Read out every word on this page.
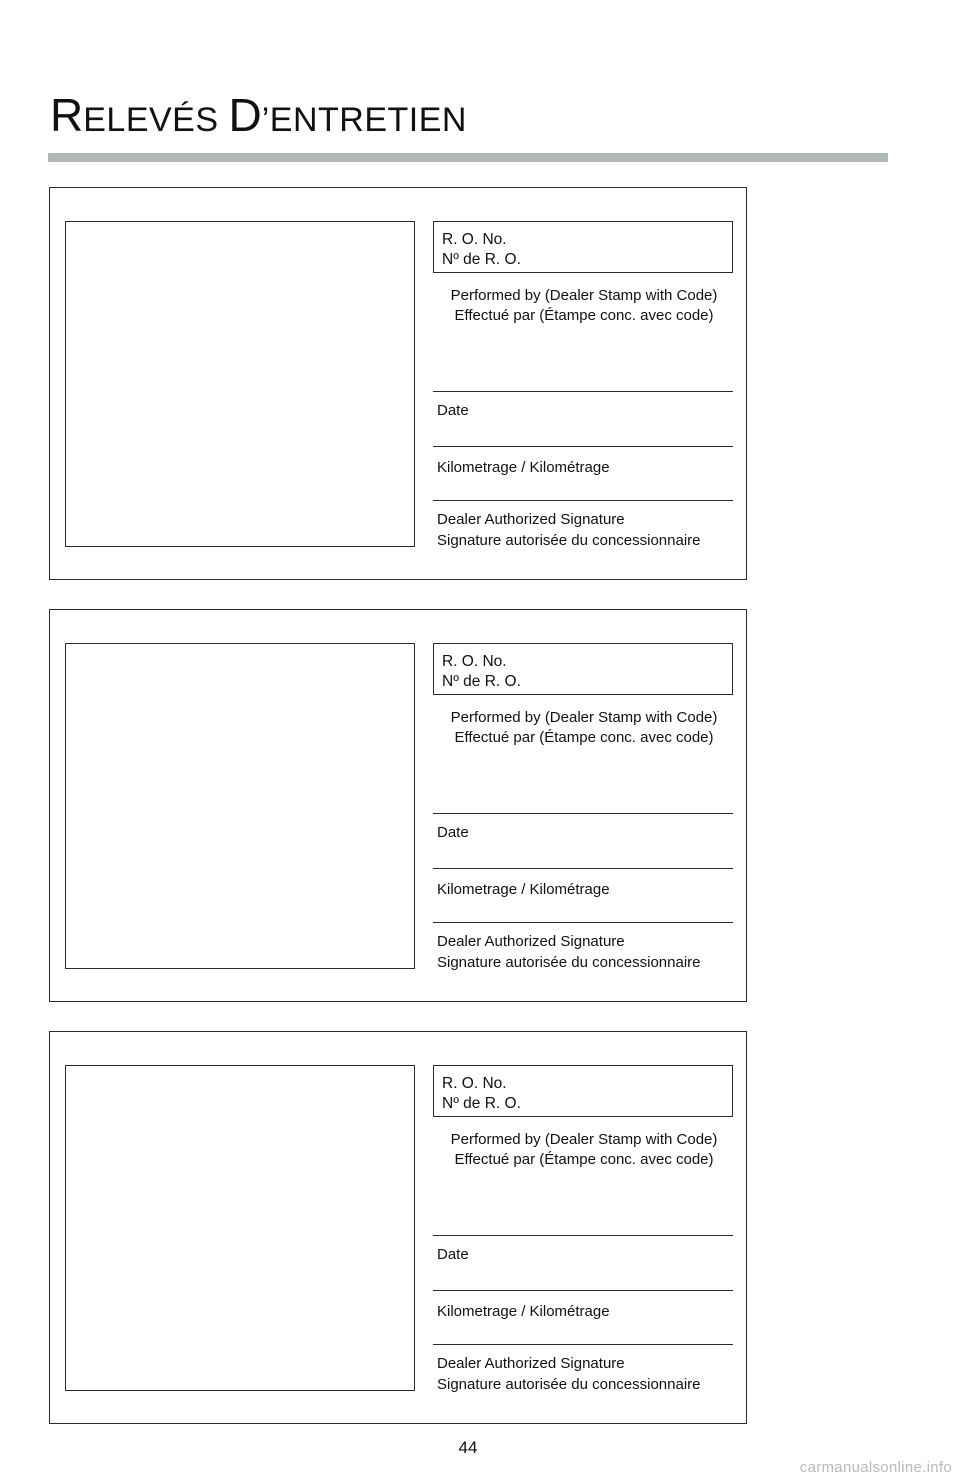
RELEVÉS D’ENTRETIEN
R. O. No.
Nº de R. O.
Performed by (Dealer Stamp with Code)
Effectué par (Étampe conc. avec code)
Date
Kilometrage / Kilométrage
Dealer Authorized Signature
Signature autorisée du concessionnaire
R. O. No.
Nº de R. O.
Performed by (Dealer Stamp with Code)
Effectué par (Étampe conc. avec code)
Date
Kilometrage / Kilométrage
Dealer Authorized Signature
Signature autorisée du concessionnaire
R. O. No.
Nº de R. O.
Performed by (Dealer Stamp with Code)
Effectué par (Étampe conc. avec code)
Date
Kilometrage / Kilométrage
Dealer Authorized Signature
Signature autorisée du concessionnaire
44
carmanualsonline.info
